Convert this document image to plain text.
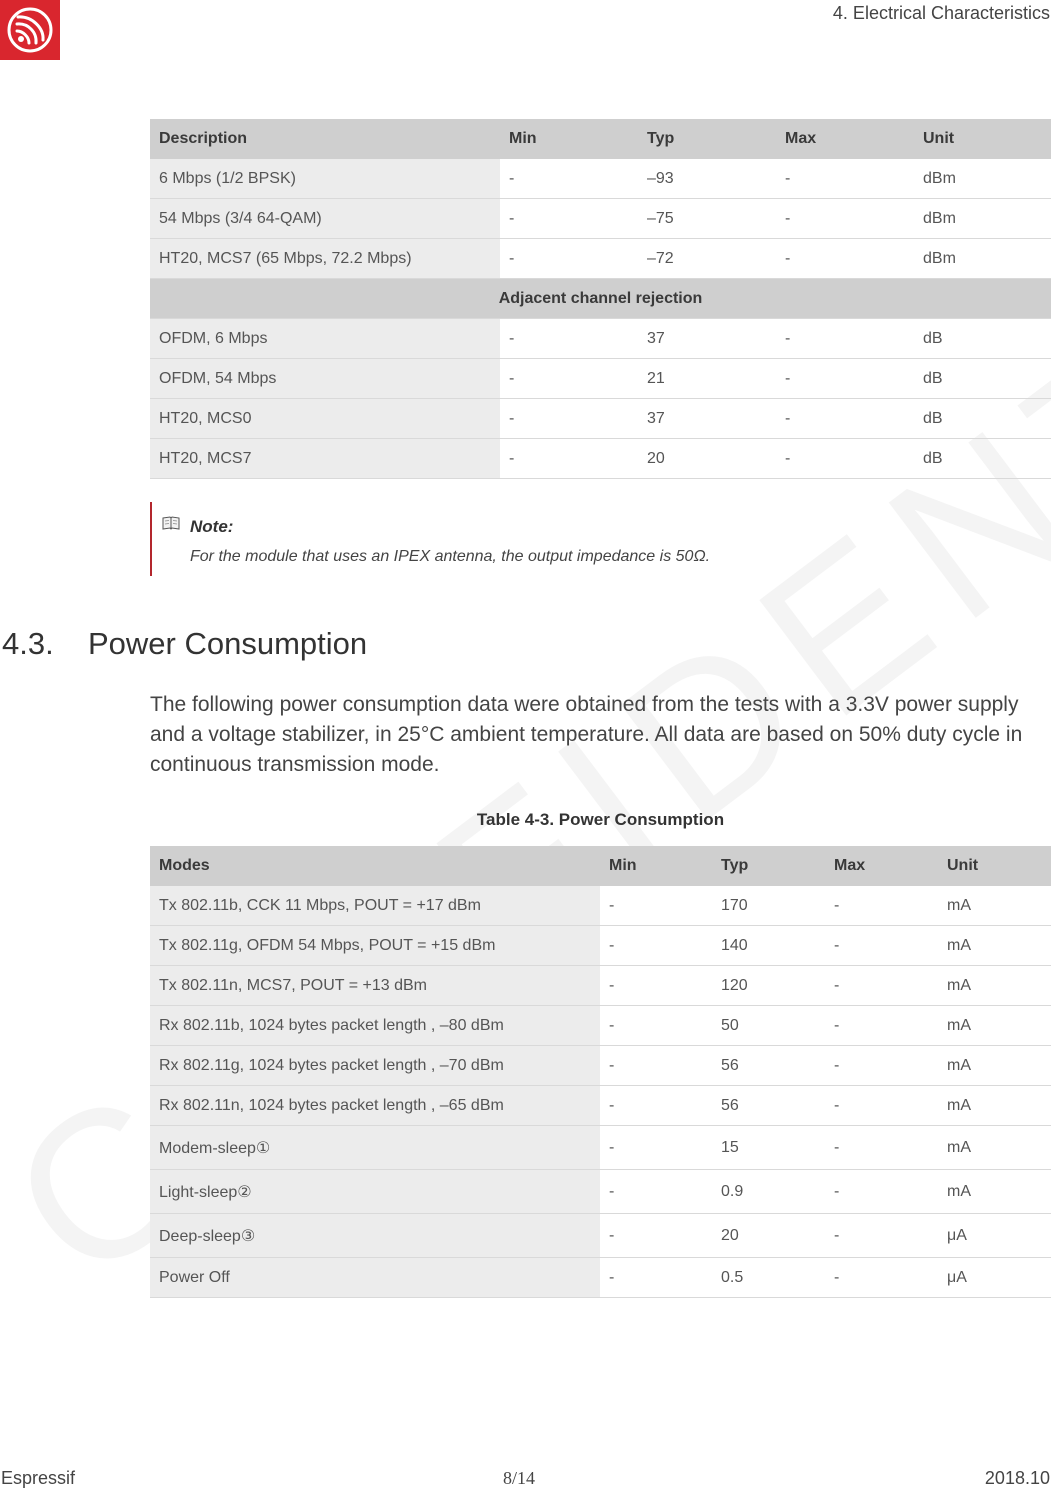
4. Electrical Characteristics
Description	Min	Typ	Max	Unit
6 Mbps (1/2 BPSK)	-	–93	-	dBm
54 Mbps (3/4 64-QAM)	-	–75	-	dBm
HT20, MCS7 (65 Mbps, 72.2 Mbps)	-	–72	-	dBm
Adjacent channel rejection				
OFDM, 6 Mbps	-	37	-	dB
OFDM, 54 Mbps	-	21	-	dB
HT20, MCS0	-	37	-	dB
HT20, MCS7	-	20	-	dB
Note:
For the module that uses an IPEX antenna, the output impedance is 50Ω.
4.3. Power Consumption
The following power consumption data were obtained from the tests with a 3.3V power supply and a voltage stabilizer, in 25°C ambient temperature. All data are based on 50% duty cycle in continuous transmission mode.
Table 4-3. Power Consumption
Modes	Min	Typ	Max	Unit
Tx 802.11b, CCK 11 Mbps, POUT = +17 dBm	-	170	-	mA
Tx 802.11g, OFDM 54 Mbps, POUT = +15 dBm	-	140	-	mA
Tx 802.11n, MCS7, POUT = +13 dBm	-	120	-	mA
Rx 802.11b, 1024 bytes packet length , –80 dBm	-	50	-	mA
Rx 802.11g, 1024 bytes packet length , –70 dBm	-	56	-	mA
Rx 802.11n, 1024 bytes packet length , –65 dBm	-	56	-	mA
Modem-sleep①	-	15	-	mA
Light-sleep②	-	0.9	-	mA
Deep-sleep③	-	20	-	μA
Power Off	-	0.5	-	μA
Espressif	8/14	2018.10
